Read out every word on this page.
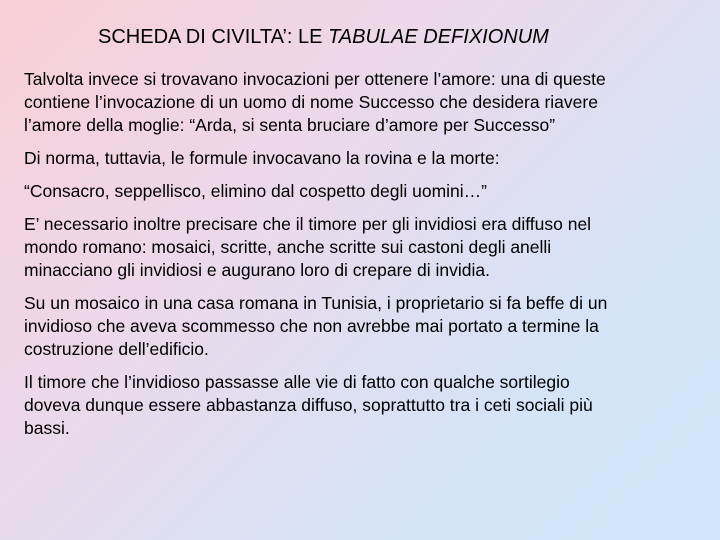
SCHEDA DI CIVILTA’: LE TABULAE DEFIXIONUM

Talvolta invece si trovavano invocazioni per ottenere l’amore: una di queste
contiene l’invocazione di un uomo di nome Successo che desidera riavere
l’amore della moglie: “Arda, si senta bruciare d’amore per Successo”

Di norma, tuttavia, le formule invocavano la rovina e la morte:

“Consacro, seppellisco, elimino dal cospetto degli uomini…”

E’ necessario inoltre precisare che il timore per gli invidiosi era diffuso nel
mondo romano: mosaici, scritte, anche scritte sui castoni degli anelli
minacciano gli invidiosi e augurano loro di crepare di invidia.

Su un mosaico in una casa romana in Tunisia, i proprietario si fa beffe di un
invidioso che aveva scommesso che non avrebbe mai portato a termine la
costruzione dell’edificio.

Il timore che l’invidioso passasse alle vie di fatto con qualche sortilegio
doveva dunque essere abbastanza diffuso, soprattutto tra i ceti sociali più
bassi.
